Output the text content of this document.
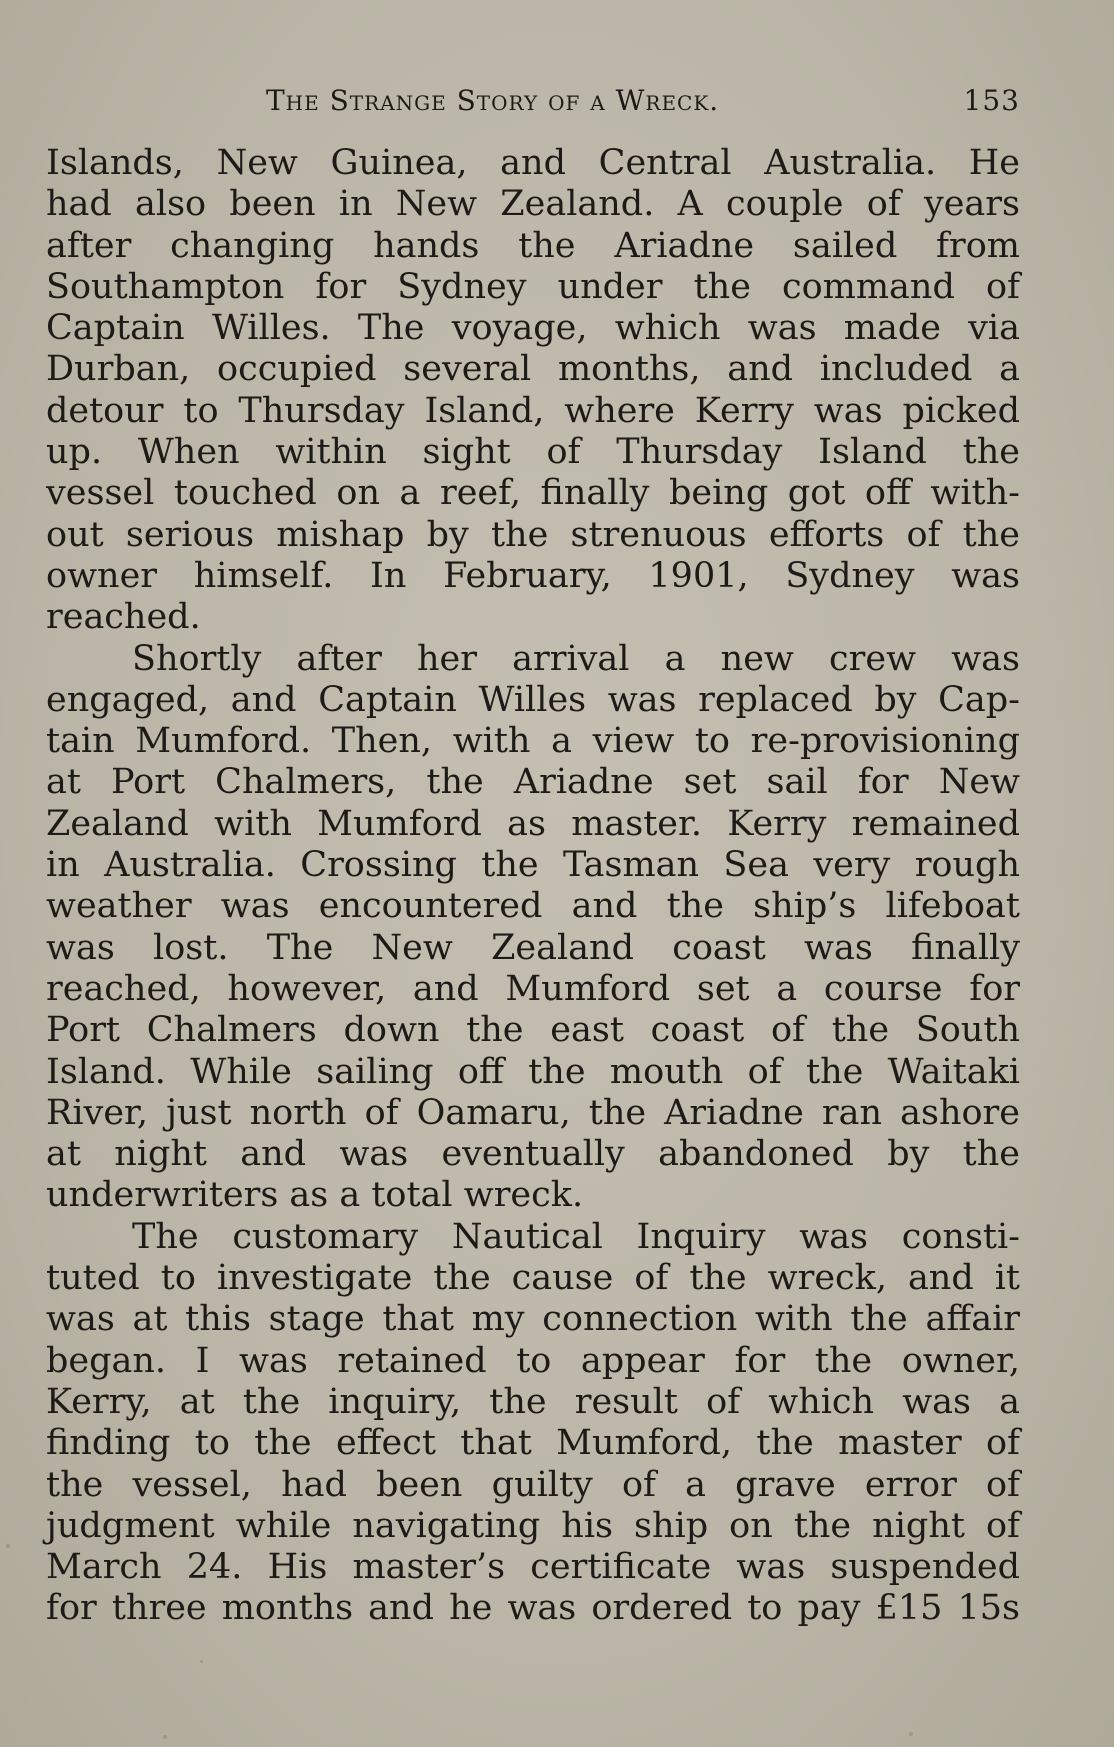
The Strange Story of a Wreck.	153
Islands, New Guinea, and Central Australia. He
had also been in New Zealand. A couple of years
after changing hands the Ariadne sailed from
Southampton for Sydney under the command of
Captain Willes. The voyage, which was made via
Durban, occupied several months, and included a
detour to Thursday Island, where Kerry was picked
up. When within sight of Thursday Island the
vessel touched on a reef, finally being got off with-
out serious mishap by the strenuous efforts of the
owner himself. In February, 1901, Sydney was
reached.
Shortly after her arrival a new crew was
engaged, and Captain Willes was replaced by Cap-
tain Mumford. Then, with a view to re-provisioning
at Port Chalmers, the Ariadne set sail for New
Zealand with Mumford as master. Kerry remained
in Australia. Crossing the Tasman Sea very rough
weather was encountered and the ship’s lifeboat
was lost. The New Zealand coast was finally
reached, however, and Mumford set a course for
Port Chalmers down the east coast of the South
Island. While sailing off the mouth of the Waitaki
River, just north of Oamaru, the Ariadne ran ashore
at night and was eventually abandoned by the
underwriters as a total wreck.
The customary Nautical Inquiry was consti-
tuted to investigate the cause of the wreck, and it
was at this stage that my connection with the affair
began. I was retained to appear for the owner,
Kerry, at the inquiry, the result of which was a
finding to the effect that Mumford, the master of
the vessel, had been guilty of a grave error of
judgment while navigating his ship on the night of
March 24. His master’s certificate was suspended
for three months and he was ordered to pay £15 15s
